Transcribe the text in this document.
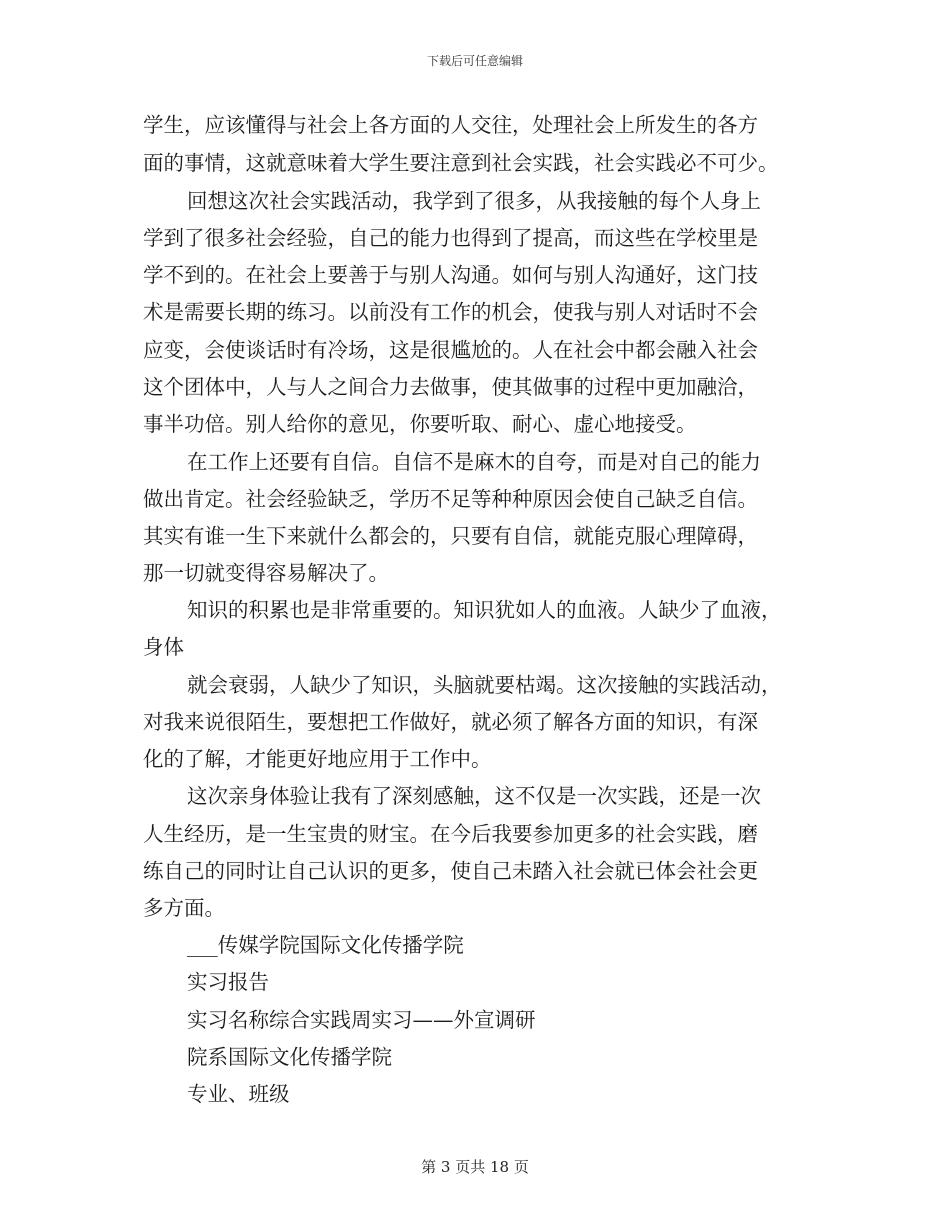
下载后可任意编辑
学生，应该懂得与社会上各方面的人交往，处理社会上所发生的各方
面的事情，这就意味着大学生要注意到社会实践，社会实践必不可少。
回想这次社会实践活动，我学到了很多，从我接触的每个人身上
学到了很多社会经验，自己的能力也得到了提高，而这些在学校里是
学不到的。在社会上要善于与别人沟通。如何与别人沟通好，这门技
术是需要长期的练习。以前没有工作的机会，使我与别人对话时不会
应变，会使谈话时有冷场，这是很尴尬的。人在社会中都会融入社会
这个团体中，人与人之间合力去做事，使其做事的过程中更加融洽，
事半功倍。别人给你的意见，你要听取、耐心、虚心地接受。
在工作上还要有自信。自信不是麻木的自夸，而是对自己的能力
做出肯定。社会经验缺乏，学历不足等种种原因会使自己缺乏自信。
其实有谁一生下来就什么都会的，只要有自信，就能克服心理障碍，
那一切就变得容易解决了。
知识的积累也是非常重要的。知识犹如人的血液。人缺少了血液，
身体
就会衰弱，人缺少了知识，头脑就要枯竭。这次接触的实践活动，
对我来说很陌生，要想把工作做好，就必须了解各方面的知识，有深
化的了解，才能更好地应用于工作中。
这次亲身体验让我有了深刻感触，这不仅是一次实践，还是一次
人生经历，是一生宝贵的财宝。在今后我要参加更多的社会实践，磨
练自己的同时让自己认识的更多，使自己未踏入社会就已体会社会更
多方面。
___传媒学院国际文化传播学院
实习报告
实习名称综合实践周实习——外宣调研
院系国际文化传播学院
专业、班级
第 3 页共 18 页
